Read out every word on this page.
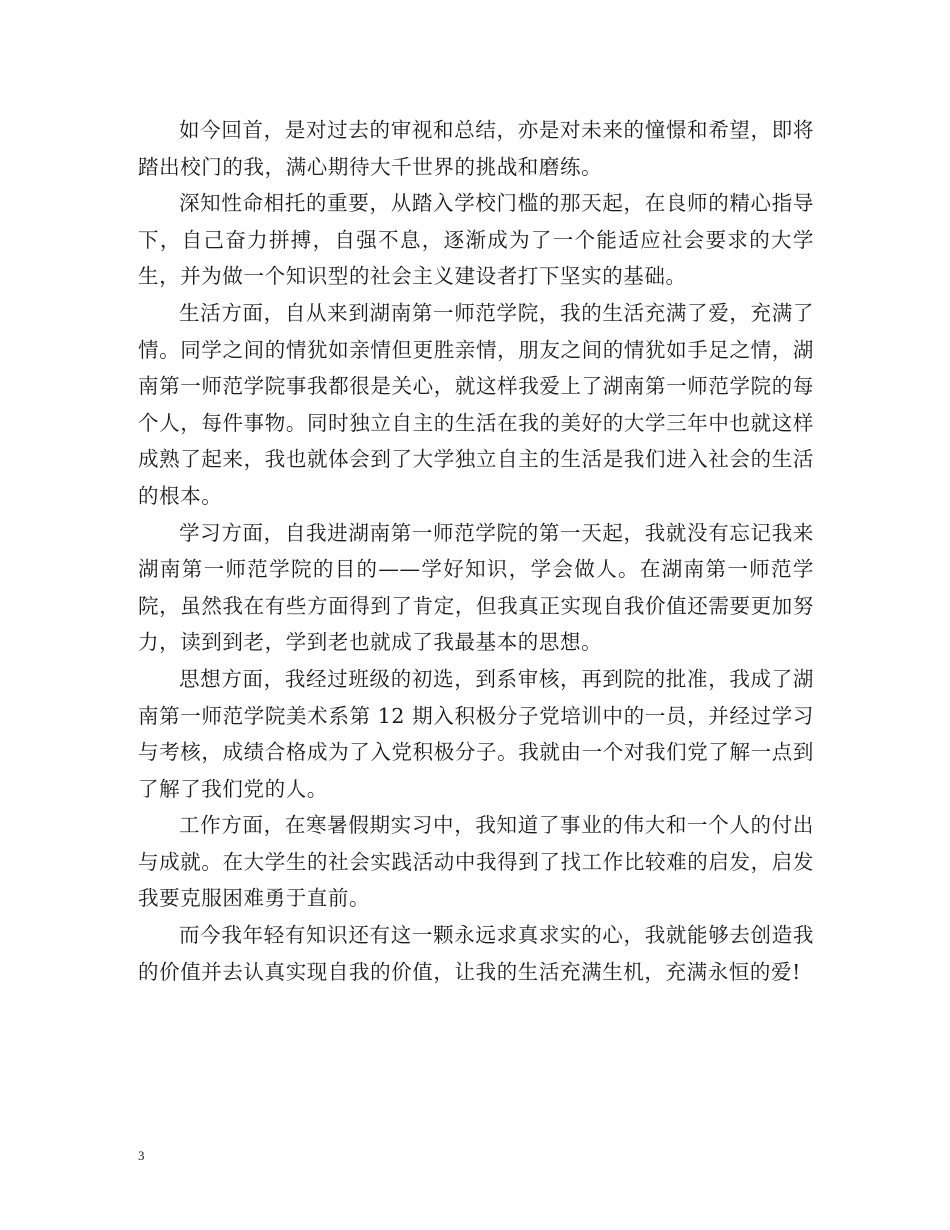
如今回首，是对过去的审视和总结，亦是对未来的憧憬和希望，即将踏出校门的我，满心期待大千世界的挑战和磨练。

深知性命相托的重要，从踏入学校门槛的那天起，在良师的精心指导下，自己奋力拼搏，自强不息，逐渐成为了一个能适应社会要求的大学生，并为做一个知识型的社会主义建设者打下坚实的基础。

生活方面，自从来到湖南第一师范学院，我的生活充满了爱，充满了情。同学之间的情犹如亲情但更胜亲情，朋友之间的情犹如手足之情，湖南第一师范学院事我都很是关心，就这样我爱上了湖南第一师范学院的每个人，每件事物。同时独立自主的生活在我的美好的大学三年中也就这样成熟了起来，我也就体会到了大学独立自主的生活是我们进入社会的生活的根本。

学习方面，自我进湖南第一师范学院的第一天起，我就没有忘记我来湖南第一师范学院的目的——学好知识，学会做人。在湖南第一师范学院，虽然我在有些方面得到了肯定，但我真正实现自我价值还需要更加努力，读到到老，学到老也就成了我最基本的思想。

思想方面，我经过班级的初选，到系审核，再到院的批准，我成了湖南第一师范学院美术系第 12 期入积极分子党培训中的一员，并经过学习与考核，成绩合格成为了入党积极分子。我就由一个对我们党了解一点到了解了我们党的人。

工作方面，在寒暑假期实习中，我知道了事业的伟大和一个人的付出与成就。在大学生的社会实践活动中我得到了找工作比较难的启发，启发我要克服困难勇于直前。

而今我年轻有知识还有这一颗永远求真求实的心，我就能够去创造我的价值并去认真实现自我的价值，让我的生活充满生机，充满永恒的爱!

3
